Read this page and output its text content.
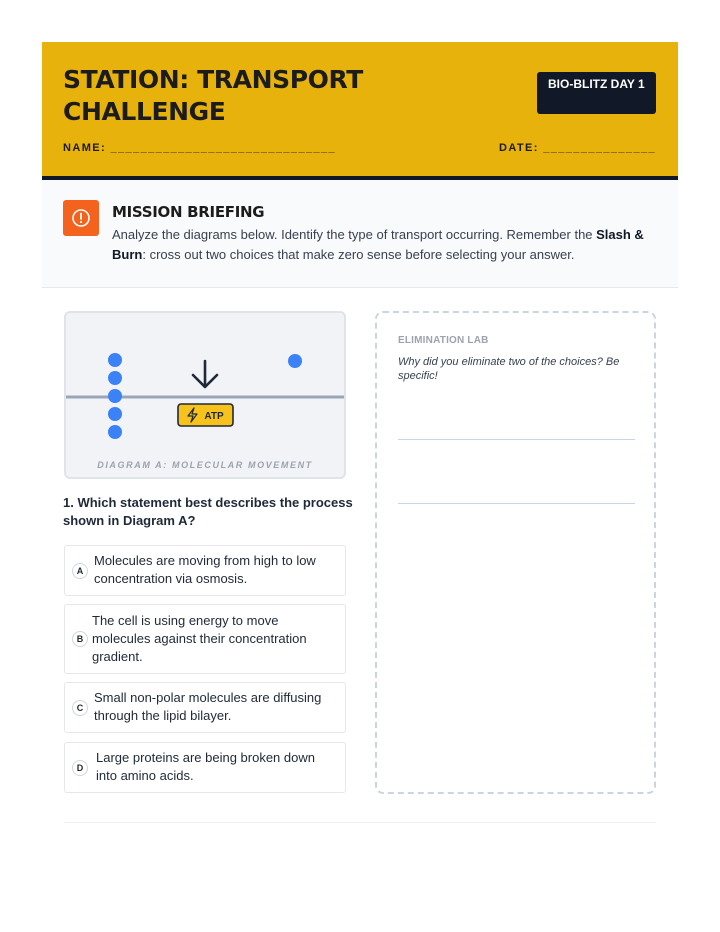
STATION: TRANSPORT CHALLENGE
BIO-BLITZ DAY 1
NAME: ______________________________	DATE: _______________
MISSION BRIEFING
Analyze the diagrams below. Identify the type of transport occurring. Remember the Slash & Burn: cross out two choices that make zero sense before selecting your answer.
ATP
DIAGRAM A: MOLECULAR MOVEMENT
1. Which statement best describes the process shown in Diagram A?
A
Molecules are moving from high to low concentration via osmosis.
B
The cell is using energy to move molecules against their concentration gradient.
C
Small non-polar molecules are diffusing through the lipid bilayer.
D
Large proteins are being broken down into amino acids.
ELIMINATION LAB
Why did you eliminate two of the choices? Be specific!
